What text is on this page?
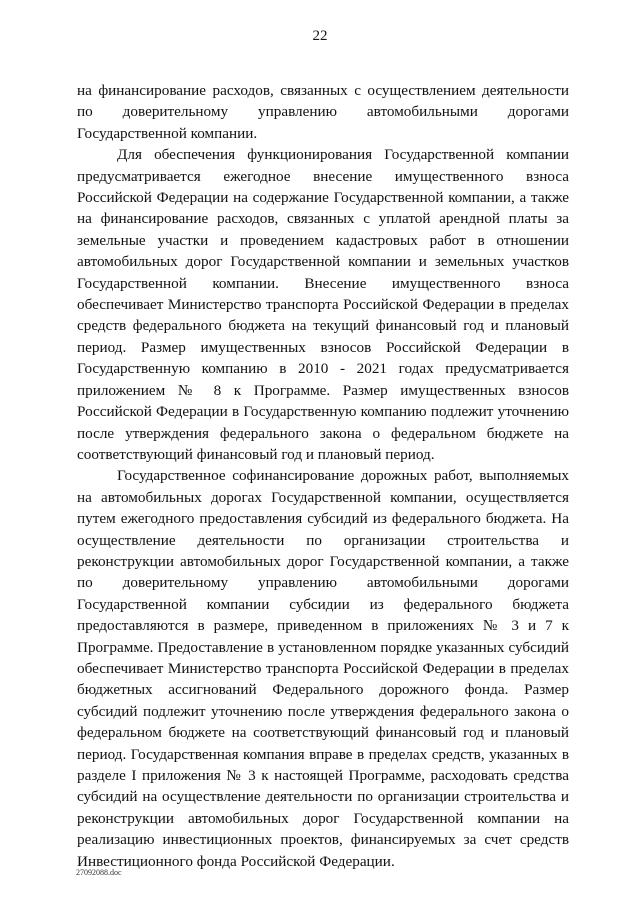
22

на финансирование расходов, связанных с осуществлением деятельности по доверительному управлению автомобильными дорогами Государственной компании.

Для обеспечения функционирования Государственной компании предусматривается ежегодное внесение имущественного взноса Российской Федерации на содержание Государственной компании, а также на финансирование расходов, связанных с уплатой арендной платы за земельные участки и проведением кадастровых работ в отношении автомобильных дорог Государственной компании и земельных участков Государственной компании. Внесение имущественного взноса обеспечивает Министерство транспорта Российской Федерации в пределах средств федерального бюджета на текущий финансовый год и плановый период. Размер имущественных взносов Российской Федерации в Государственную компанию в 2010 - 2021 годах предусматривается приложением № 8 к Программе. Размер имущественных взносов Российской Федерации в Государственную компанию подлежит уточнению после утверждения федерального закона о федеральном бюджете на соответствующий финансовый год и плановый период.

Государственное софинансирование дорожных работ, выполняемых на автомобильных дорогах Государственной компании, осуществляется путем ежегодного предоставления субсидий из федерального бюджета. На осуществление деятельности по организации строительства и реконструкции автомобильных дорог Государственной компании, а также по доверительному управлению автомобильными дорогами Государственной компании субсидии из федерального бюджета предоставляются в размере, приведенном в приложениях № 3 и 7 к Программе. Предоставление в установленном порядке указанных субсидий обеспечивает Министерство транспорта Российской Федерации в пределах бюджетных ассигнований Федерального дорожного фонда. Размер субсидий подлежит уточнению после утверждения федерального закона о федеральном бюджете на соответствующий финансовый год и плановый период. Государственная компания вправе в пределах средств, указанных в разделе I приложения № 3 к настоящей Программе, расходовать средства субсидий на осуществление деятельности по организации строительства и реконструкции автомобильных дорог Государственной компании на реализацию инвестиционных проектов, финансируемых за счет средств Инвестиционного фонда Российской Федерации.

27092088.doc
